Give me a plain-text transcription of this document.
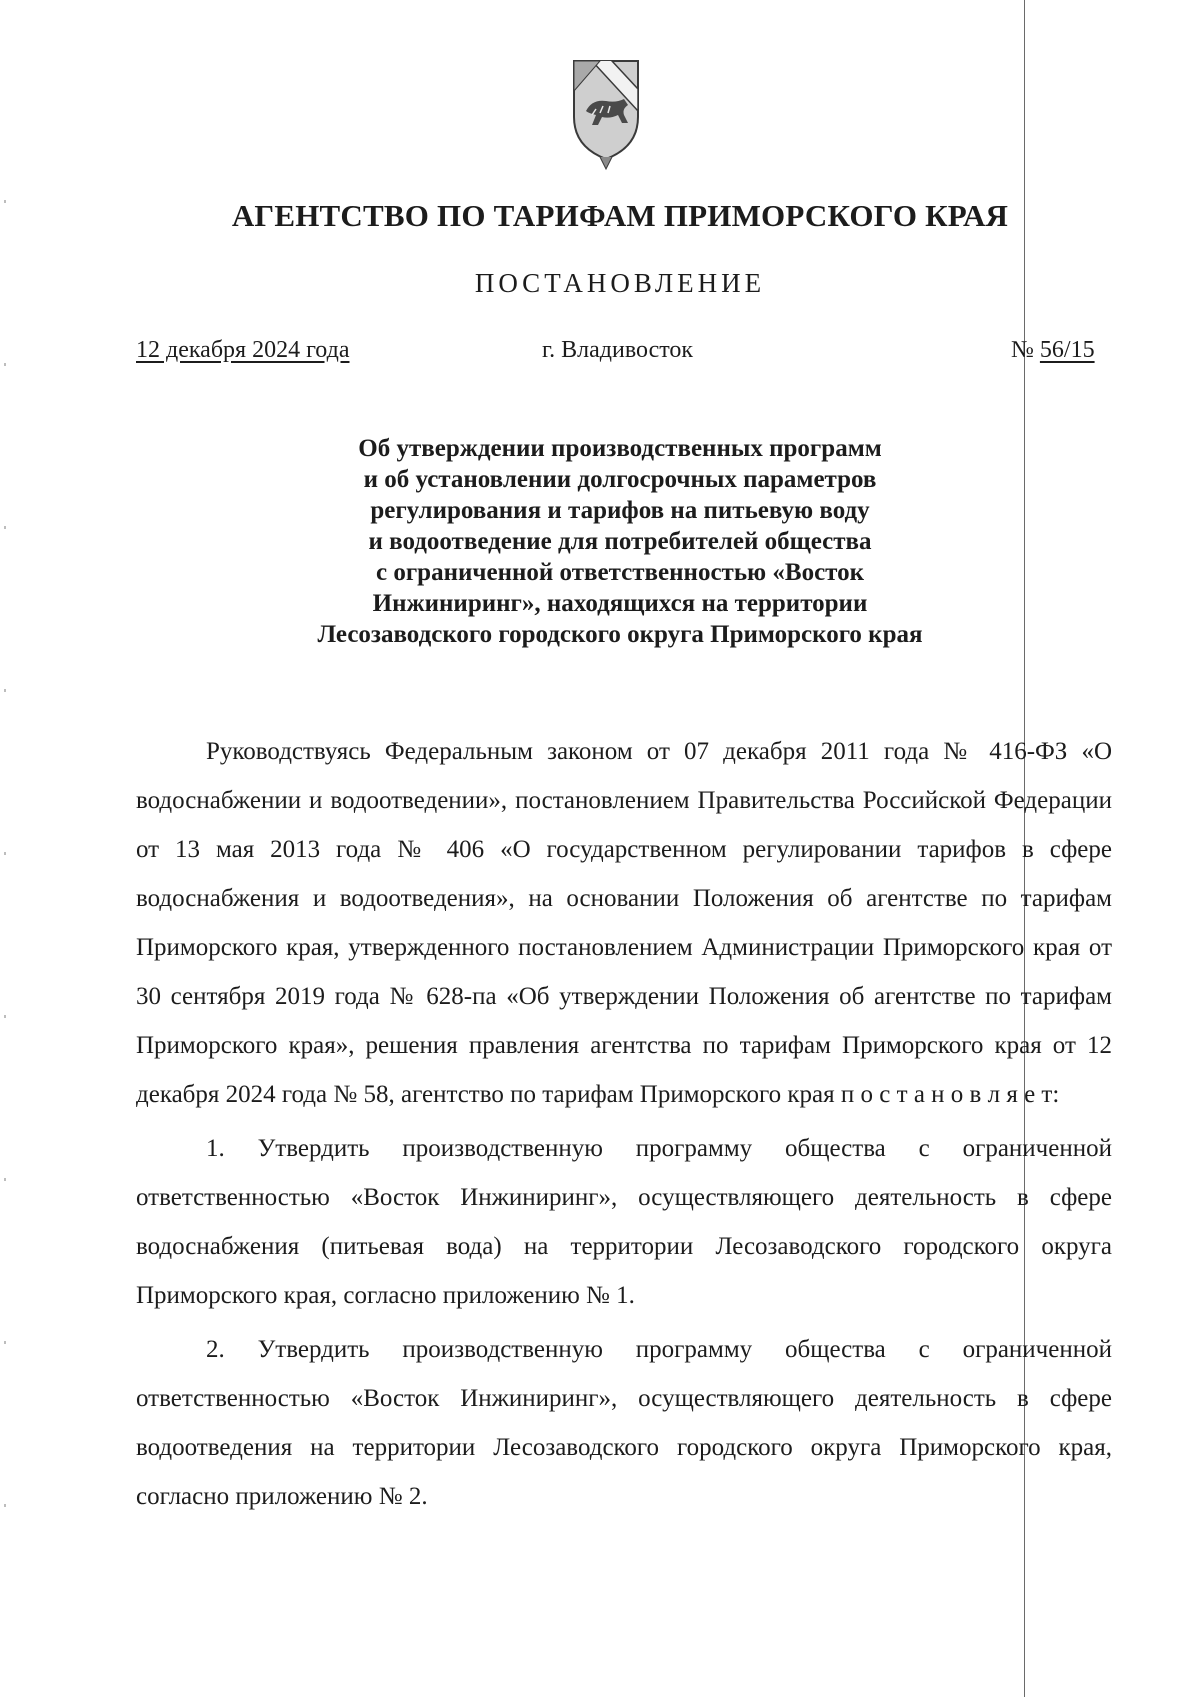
АГЕНТСТВО ПО ТАРИФАМ ПРИМОРСКОГО КРАЯ
ПОСТАНОВЛЕНИЕ
12 декабря 2024 года	г. Владивосток	№ 56/15
Об утверждении производственных программ
и об установлении долгосрочных параметров
регулирования и тарифов на питьевую воду
и водоотведение для потребителей общества
с ограниченной ответственностью «Восток
Инжиниринг», находящихся на территории
Лесозаводского городского округа Приморского края

Руководствуясь Федеральным законом от 07 декабря 2011 года № 416-ФЗ «О водоснабжении и водоотведении», постановлением Правительства Российской Федерации от 13 мая 2013 года № 406 «О государственном регулировании тарифов в сфере водоснабжения и водоотведения», на основании Положения об агентстве по тарифам Приморского края, утвержденного постановлением Администрации Приморского края от 30 сентября 2019 года № 628-па «Об утверждении Положения об агентстве по тарифам Приморского края», решения правления агентства по тарифам Приморского края от 12 декабря 2024 года № 58, агентство по тарифам Приморского края п о с т а н о в л я е т:

1. Утвердить производственную программу общества с ограниченной ответственностью «Восток Инжиниринг», осуществляющего деятельность в сфере водоснабжения (питьевая вода) на территории Лесозаводского городского округа Приморского края, согласно приложению № 1.

2. Утвердить производственную программу общества с ограниченной ответственностью «Восток Инжиниринг», осуществляющего деятельность в сфере водоотведения на территории Лесозаводского городского округа Приморского края, согласно приложению № 2.
